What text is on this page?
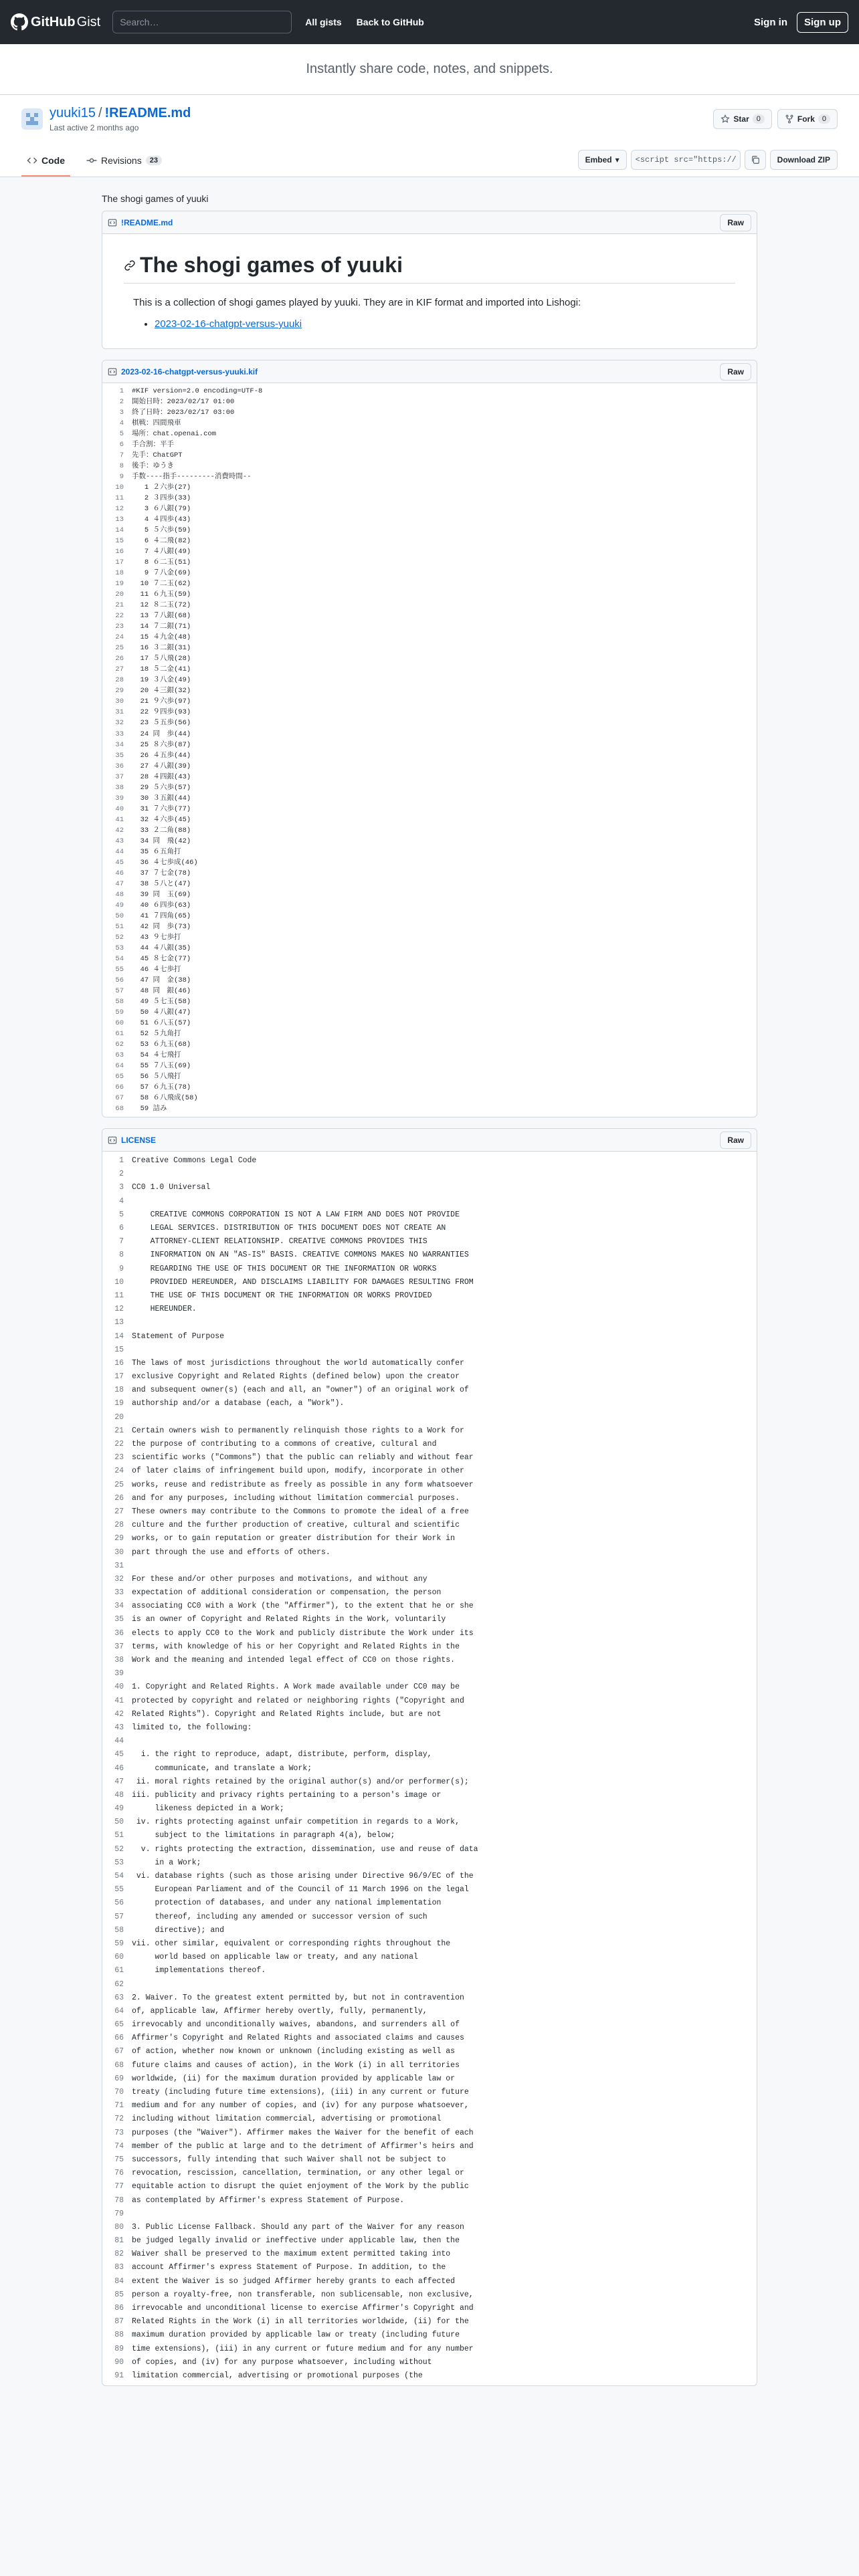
GitHub Gist
Search…	All gists Back to GitHub	Sign in	Sign up
Instantly share code, notes, and snippets.
yuuki15 / !README.md
Last active 2 months ago
Star	0	Fork	0
Code	Revisions	23	Embed ▾
<script src="https://gist.github.com/yuuki15/	Download ZIP
The shogi games of yuuki
!README.md	Raw
The shogi games of yuuki

This is a collection of shogi games played by yuuki. They are in KIF format and imported into Lishogi:

• 2023-02-16-chatgpt-versus-yuuki
2023-02-16-chatgpt-versus-yuuki.kif	Raw
1	#KIF version=2.0 encoding=UTF-8
2	開始日時：2023/02/17 01:00
3	終了日時：2023/02/17 03:00
4	棋戦：四間飛車
5	場所：chat.openai.com
6	手合割：平手
7	先手：ChatGPT
8	後手：ゆうき
9	手数----指手---------消費時間--
10	1 ２六歩(27)
11	2 ３四歩(33)
12	3 ６八銀(79)
13	4 ４四歩(43)
14	5 ５六歩(59)
15	6 ４二飛(82)
16	7 ４八銀(49)
17	8 ６二玉(51)
18	9 ７八金(69)
19	10 ７二玉(62)
20	11 ６九玉(59)
21	12 ８二玉(72)
22	13 ７八銀(68)
23	14 ７二銀(71)
24	15 ４九金(48)
25	16 ３二銀(31)
26	17 ５八飛(28)
27	18 ５二金(41)
28	19 ３八金(49)
29	20 ４三銀(32)
30	21 ９六歩(97)
31	22 ９四歩(93)
32	23 ５五歩(56)
33	24 同　歩(44)
34	25 ８六歩(87)
35	26 ４五歩(44)
36	27 ４八銀(39)
37	28 ４四銀(43)
38	29 ５六歩(57)
39	30 ３五銀(44)
40	31 ７六歩(77)
41	32 ４六歩(45)
42	33 ２二角(88)
43	34 同　飛(42)
44	35 ６五角打
45	36 ４七歩成(46)
46	37 ７七金(78)
47	38 ５八と(47)
48	39 同　玉(69)
49	40 ６四歩(63)
50	41 ７四角(65)
51	42 同　歩(73)
52	43 ９七歩打
53	44 ４八銀(35)
54	45 ８七金(77)
55	46 ４七歩打
56	47 同　金(38)
57	48 同　銀(46)
58	49 ５七玉(58)
59	50 ４八銀(47)
60	51 ６八玉(57)
61	52 ５九角打
62	53 ６九玉(68)
63	54 ４七飛打
64	55 ７八玉(69)
65	56 ５八飛打
66	57 ６九玉(78)
67	58 ６八飛成(58)
68	59 詰み
LICENSE	Raw
1	Creative Commons Legal Code
2
3	CC0 1.0 Universal
4
5	CREATIVE COMMONS CORPORATION IS NOT A LAW FIRM AND DOES NOT PROVIDE
6	LEGAL SERVICES. DISTRIBUTION OF THIS DOCUMENT DOES NOT CREATE AN
7	ATTORNEY-CLIENT RELATIONSHIP. CREATIVE COMMONS PROVIDES THIS
8	INFORMATION ON AN "AS-IS" BASIS. CREATIVE COMMONS MAKES NO WARRANTIES
9	REGARDING THE USE OF THIS DOCUMENT OR THE INFORMATION OR WORKS
10	PROVIDED HEREUNDER, AND DISCLAIMS LIABILITY FOR DAMAGES RESULTING FROM
11	THE USE OF THIS DOCUMENT OR THE INFORMATION OR WORKS PROVIDED
12	HEREUNDER.
13
14	Statement of Purpose
15
16	The laws of most jurisdictions throughout the world automatically confer
17	exclusive Copyright and Related Rights (defined below) upon the creator
18	and subsequent owner(s) (each and all, an "owner") of an original work of
19	authorship and/or a database (each, a "Work").
20
21	Certain owners wish to permanently relinquish those rights to a Work for
22	the purpose of contributing to a commons of creative, cultural and
23	scientific works ("Commons") that the public can reliably and without fear
24	of later claims of infringement build upon, modify, incorporate in other
25	works, reuse and redistribute as freely as possible in any form whatsoever
26	and for any purposes, including without limitation commercial purposes.
27	These owners may contribute to the Commons to promote the ideal of a free
28	culture and the further production of creative, cultural and scientific
29	works, or to gain reputation or greater distribution for their Work in
30	part through the use and efforts of others.
31
32	For these and/or other purposes and motivations, and without any
33	expectation of additional consideration or compensation, the person
34	associating CC0 with a Work (the "Affirmer"), to the extent that he or she
35	is an owner of Copyright and Related Rights in the Work, voluntarily
36	elects to apply CC0 to the Work and publicly distribute the Work under its
37	terms, with knowledge of his or her Copyright and Related Rights in the
38	Work and the meaning and intended legal effect of CC0 on those rights.
39
40	1. Copyright and Related Rights. A Work made available under CC0 may be
41	protected by copyright and related or neighboring rights ("Copyright and
42	Related Rights"). Copyright and Related Rights include, but are not
43	limited to, the following:
44
45	i. the right to reproduce, adapt, distribute, perform, display,
46	communicate, and translate a Work;
47	ii. moral rights retained by the original author(s) and/or performer(s);
48	iii. publicity and privacy rights pertaining to a person's image or
49	likeness depicted in a Work;
50	iv. rights protecting against unfair competition in regards to a Work,
51	subject to the limitations in paragraph 4(a), below;
52	v. rights protecting the extraction, dissemination, use and reuse of data
53	in a Work;
54	vi. database rights (such as those arising under Directive 96/9/EC of the
55	European Parliament and of the Council of 11 March 1996 on the legal
56	protection of databases, and under any national implementation
57	thereof, including any amended or successor version of such
58	directive); and
59	vii. other similar, equivalent or corresponding rights throughout the
60	world based on applicable law or treaty, and any national
61	implementations thereof.
62
63	2. Waiver. To the greatest extent permitted by, but not in contravention
64	of, applicable law, Affirmer hereby overtly, fully, permanently,
65	irrevocably and unconditionally waives, abandons, and surrenders all of
66	Affirmer's Copyright and Related Rights and associated claims and causes
67	of action, whether now known or unknown (including existing as well as
68	future claims and causes of action), in the Work (i) in all territories
69	worldwide, (ii) for the maximum duration provided by applicable law or
70	treaty (including future time extensions), (iii) in any current or future
71	medium and for any number of copies, and (iv) for any purpose whatsoever,
72	including without limitation commercial, advertising or promotional
73	purposes (the "Waiver"). Affirmer makes the Waiver for the benefit of each
74	member of the public at large and to the detriment of Affirmer's heirs and
75	successors, fully intending that such Waiver shall not be subject to
76	revocation, rescission, cancellation, termination, or any other legal or
77	equitable action to disrupt the quiet enjoyment of the Work by the public
78	as contemplated by Affirmer's express Statement of Purpose.
79
80	3. Public License Fallback. Should any part of the Waiver for any reason
81	be judged legally invalid or ineffective under applicable law, then the
82	Waiver shall be preserved to the maximum extent permitted taking into
83	account Affirmer's express Statement of Purpose. In addition, to the
84	extent the Waiver is so judged Affirmer hereby grants to each affected
85	person a royalty-free, non transferable, non sublicensable, non exclusive,
86	irrevocable and unconditional license to exercise Affirmer's Copyright and
87	Related Rights in the Work (i) in all territories worldwide, (ii) for the
88	maximum duration provided by applicable law or treaty (including future
89	time extensions), (iii) in any current or future medium and for any number
90	of copies, and (iv) for any purpose whatsoever, including without
91	limitation commercial, advertising or promotional purposes (the
